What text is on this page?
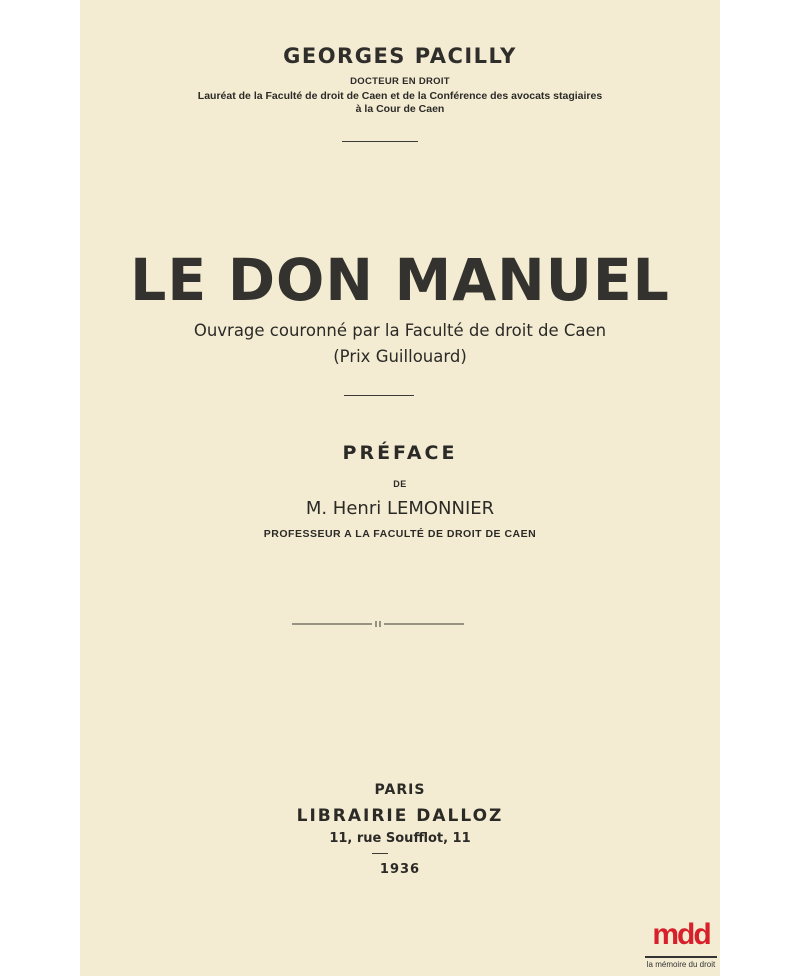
GEORGES PACILLY
DOCTEUR EN DROIT
Lauréat de la Faculté de droit de Caen et de la Conférence des avocats stagiaires
à la Cour de Caen
LE DON MANUEL
Ouvrage couronné par la Faculté de droit de Caen
(Prix Guillouard)
PRÉFACE
DE
M. Henri LEMONNIER
PROFESSEUR A LA FACULTÉ DE DROIT DE CAEN
PARIS
LIBRAIRIE DALLOZ
11, rue Soufflot, 11
1936
mdd
la mémoire du droit
